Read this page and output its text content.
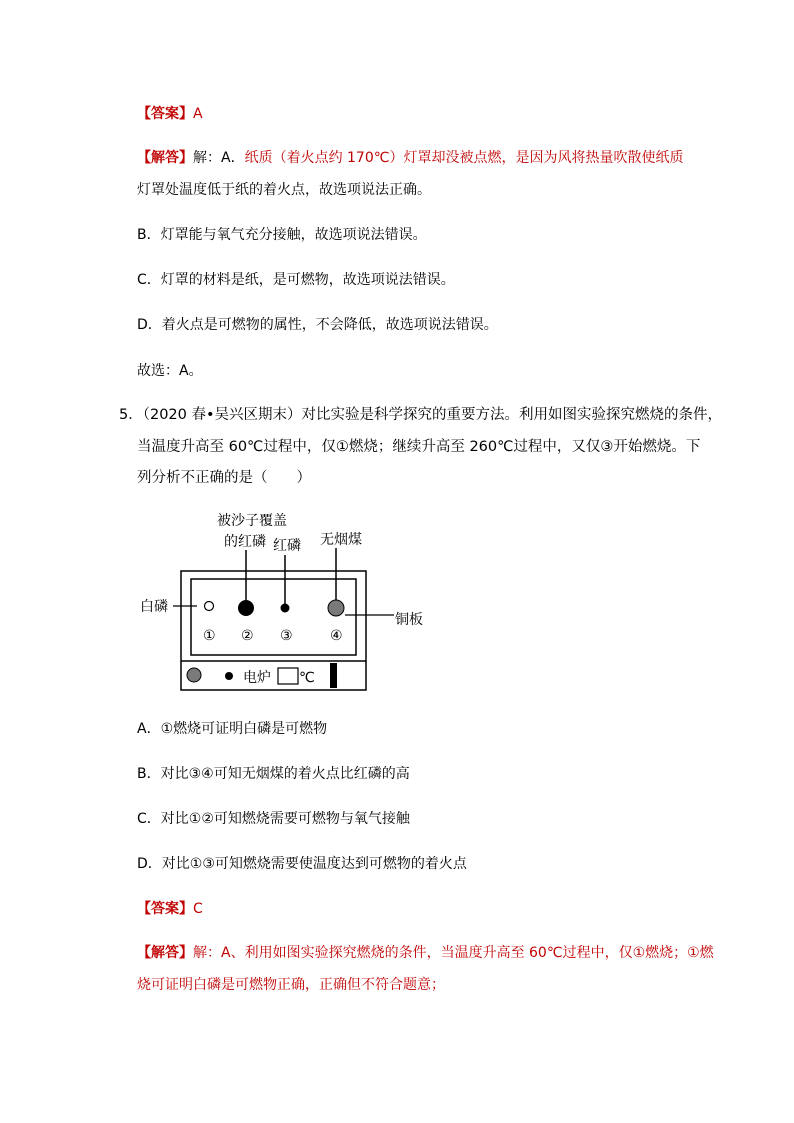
【答案】A
【解答】解：A．纸质（着火点约 170℃）灯罩却没被点燃，是因为风将热量吹散使纸质
灯罩处温度低于纸的着火点，故选项说法正确。
B．灯罩能与氧气充分接触，故选项说法错误。
C．灯罩的材料是纸，是可燃物，故选项说法错误。
D．着火点是可燃物的属性，不会降低，故选项说法错误。
故选：A。
5．（2020 春•吴兴区期末）对比实验是科学探究的重要方法。利用如图实验探究燃烧的条件，
当温度升高至 60℃过程中，仅①燃烧；继续升高至 260℃过程中，又仅③开始燃烧。下
列分析不正确的是（　　）
被沙子覆盖
的红磷 红磷 无烟煤
白磷
铜板
① ② ③	④
电炉 ℃
A．①燃烧可证明白磷是可燃物
B．对比③④可知无烟煤的着火点比红磷的高
C．对比①②可知燃烧需要可燃物与氧气接触
D．对比①③可知燃烧需要使温度达到可燃物的着火点
【答案】C
【解答】解：A、利用如图实验探究燃烧的条件，当温度升高至 60℃过程中，仅①燃烧；①燃
烧可证明白磷是可燃物正确，正确但不符合题意；
